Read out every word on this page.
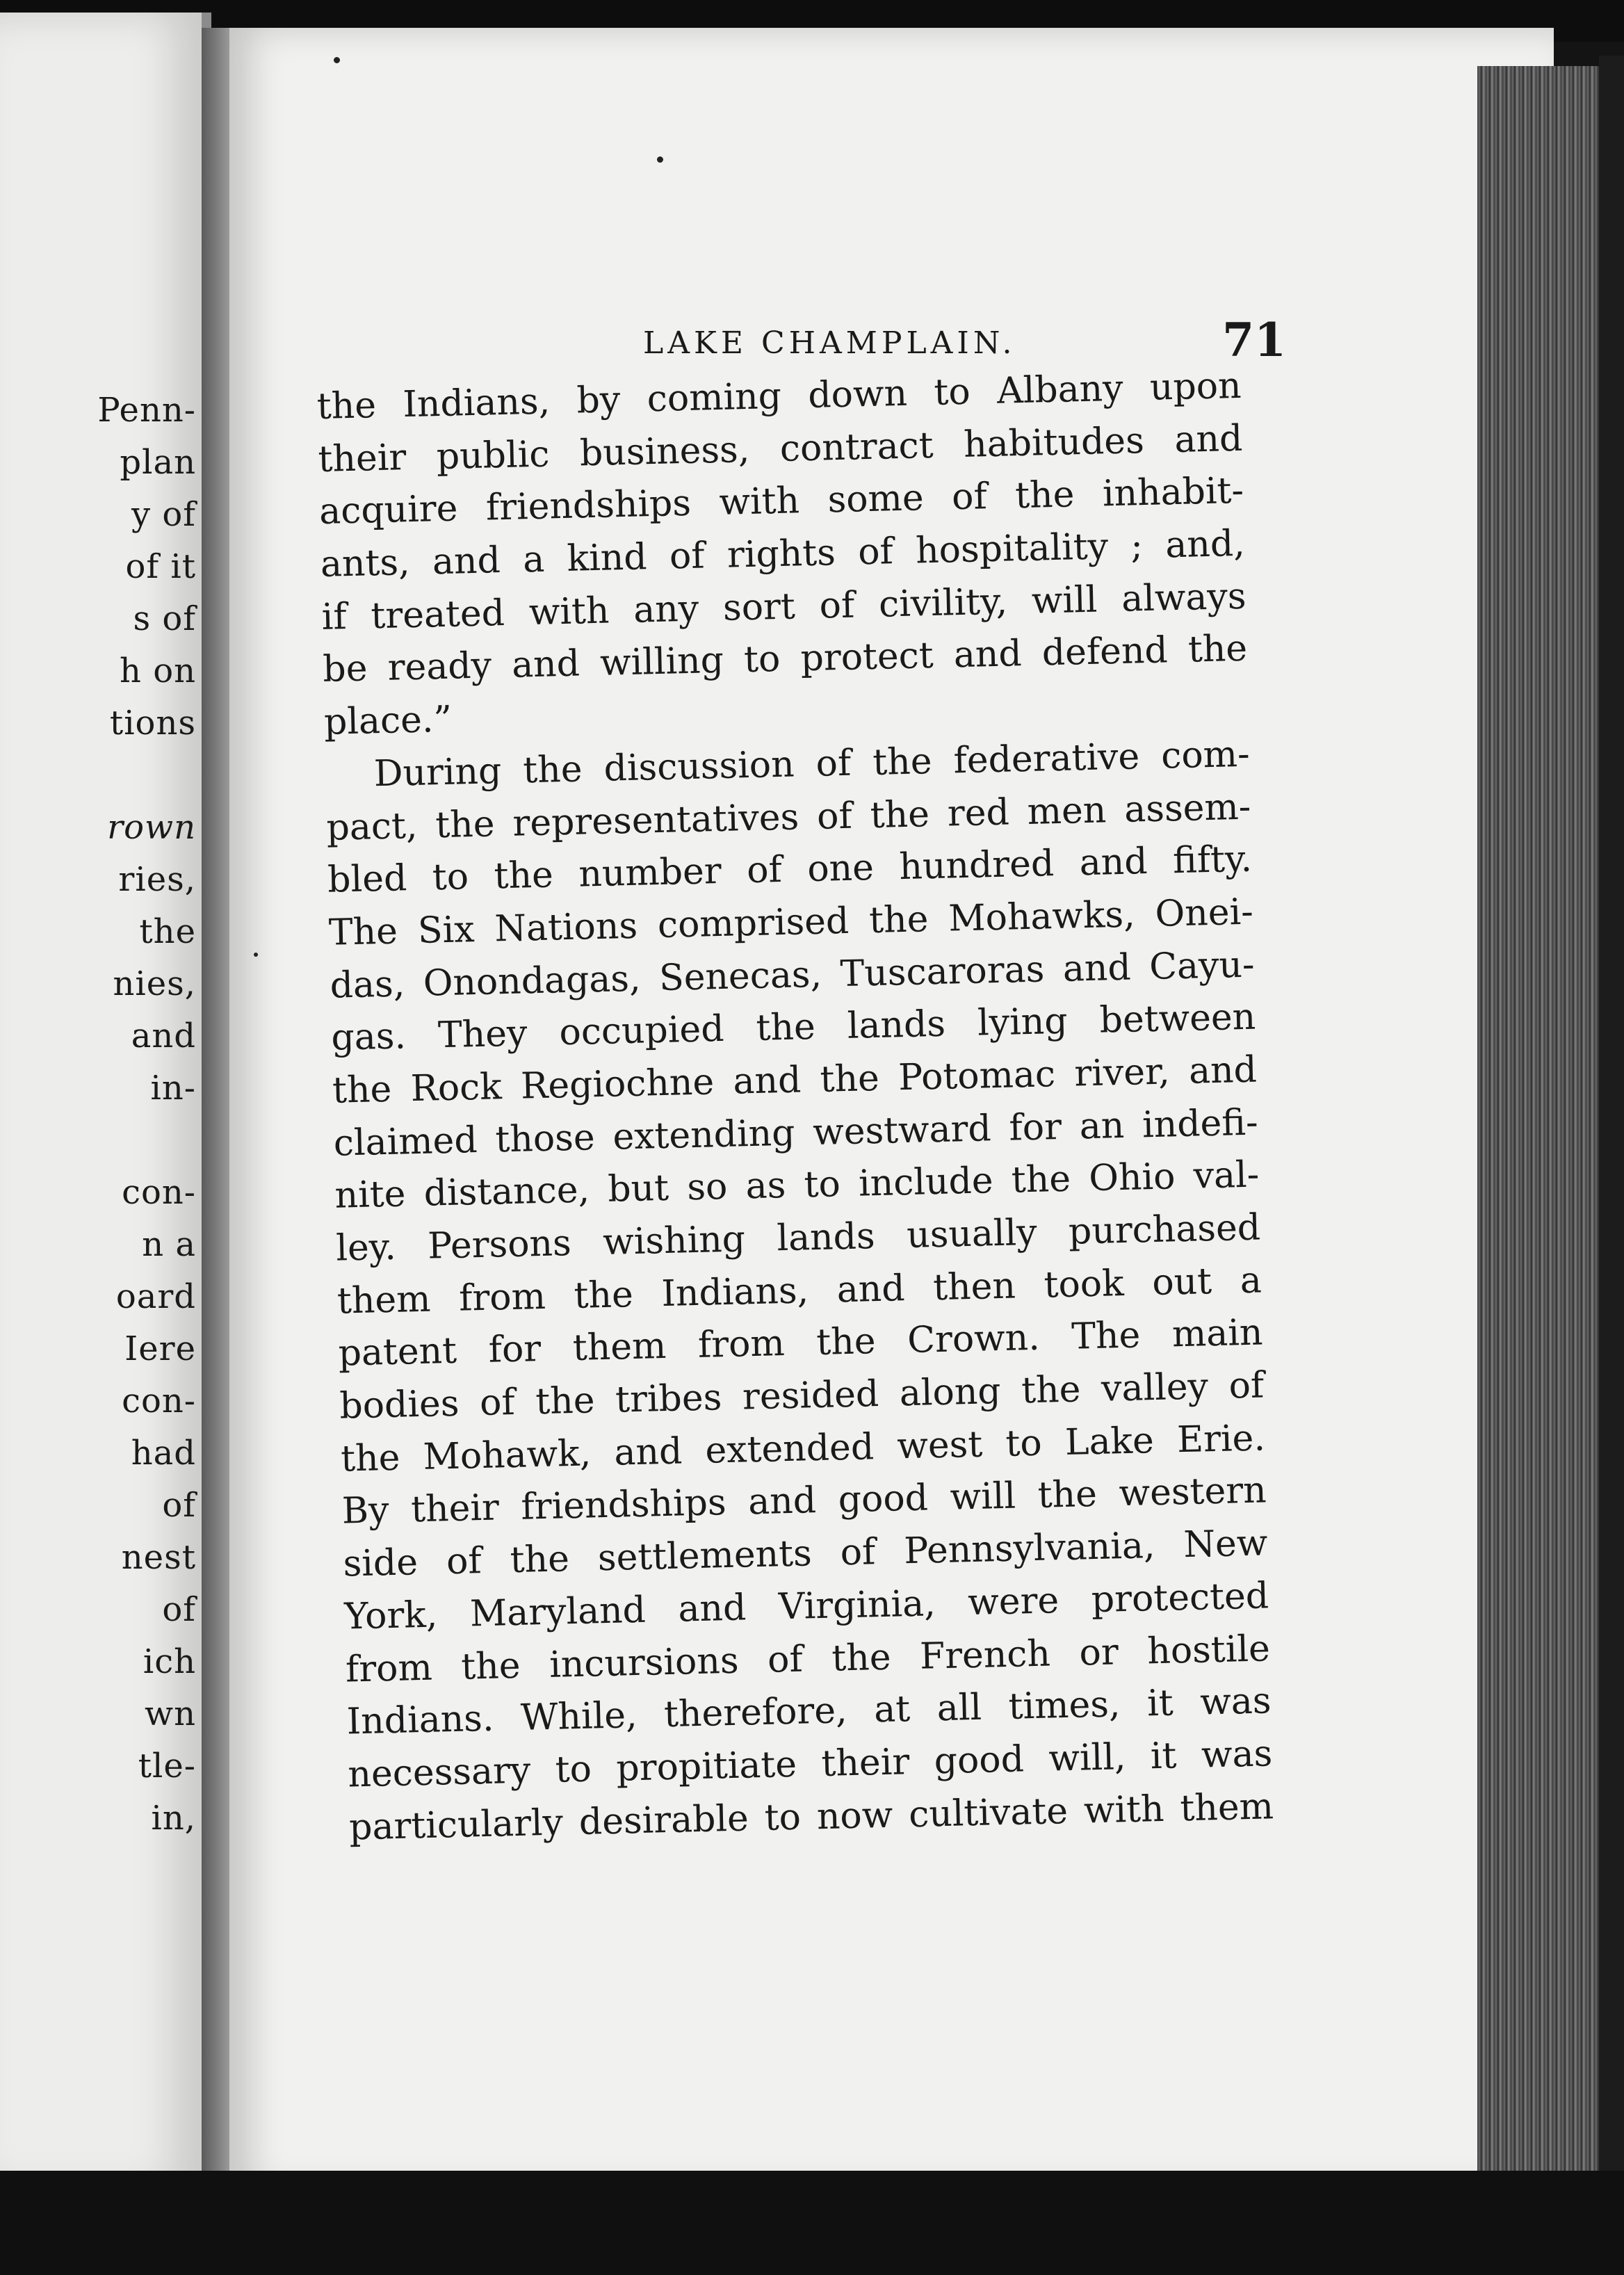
Penn-
plan
y of
of it
s of
h on
tions
rown
ries,
the
nies,
and
in-
con-
n a
oard
Iere
con-
had
of
nest
of
ich
wn
tle-
in,
LAKE CHAMPLAIN.	71
the Indians, by coming down to Albany upon
their public business, contract habitudes and
acquire friendships with some of the inhabit-
ants, and a kind of rights of hospitality ; and,
if treated with any sort of civility, will always
be ready and willing to protect and defend the
place.”
During the discussion of the federative com-
pact, the representatives of the red men assem-
bled to the number of one hundred and fifty.
The Six Nations comprised the Mohawks, Onei-
das, Onondagas, Senecas, Tuscaroras and Cayu-
gas. They occupied the lands lying between
the Rock Regiochne and the Potomac river, and
claimed those extending westward for an indefi-
nite distance, but so as to include the Ohio val-
ley. Persons wishing lands usually purchased
them from the Indians, and then took out a
patent for them from the Crown. The main
bodies of the tribes resided along the valley of
the Mohawk, and extended west to Lake Erie.
By their friendships and good will the western
side of the settlements of Pennsylvania, New
York, Maryland and Virginia, were protected
from the incursions of the French or hostile
Indians. While, therefore, at all times, it was
necessary to propitiate their good will, it was
particularly desirable to now cultivate with them
